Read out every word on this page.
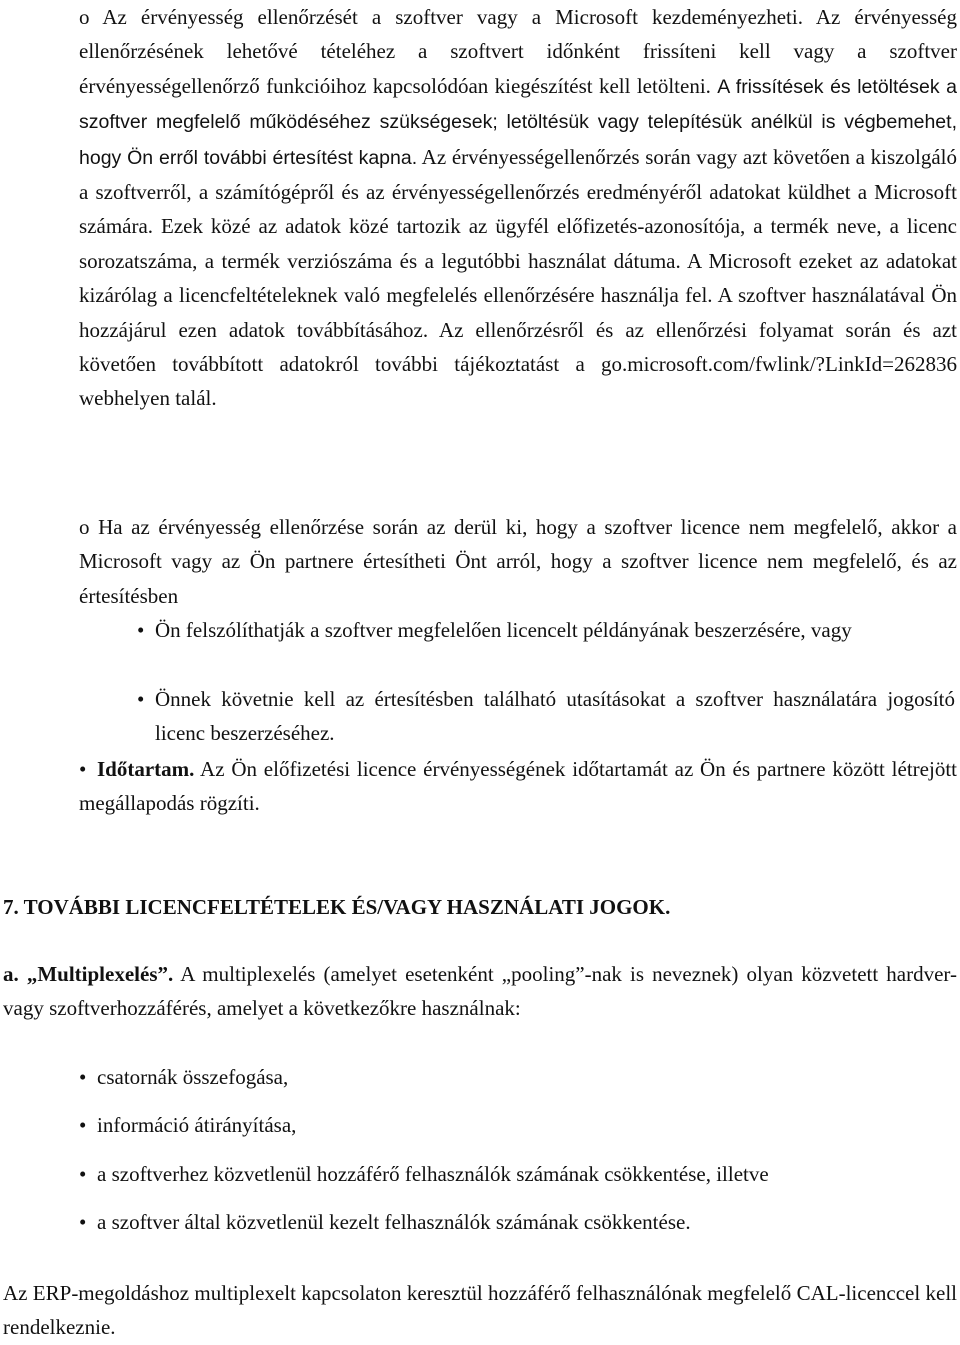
o Az érvényesség ellenőrzését a szoftver vagy a Microsoft kezdeményezheti. Az érvényesség ellenőrzésének lehetővé tételéhez a szoftvert időnként frissíteni kell vagy a szoftver érvényességellenőrző funkcióihoz kapcsolódóan kiegészítést kell letölteni. A frissítések és letöltések a szoftver megfelelő működéséhez szükségesek; letöltésük vagy telepítésük anélkül is végbemehet, hogy Ön erről további értesítést kapna. Az érvényességellenőrzés során vagy azt követően a kiszolgáló a szoftverről, a számítógépről és az érvényességellenőrzés eredményéről adatokat küldhet a Microsoft számára. Ezek közé az adatok közé tartozik az ügyfél előfizetés-azonosítója, a termék neve, a licenc sorozatszáma, a termék verziószáma és a legutóbbi használat dátuma. A Microsoft ezeket az adatokat kizárólag a licencfeltételeknek való megfelelés ellenőrzésére használja fel. A szoftver használatával Ön hozzájárul ezen adatok továbbításához. Az ellenőrzésről és az ellenőrzési folyamat során és azt követően továbbított adatokról további tájékoztatást a go.microsoft.com/fwlink/?LinkId=262836 webhelyen talál.

o Ha az érvényesség ellenőrzése során az derül ki, hogy a szoftver licence nem megfelelő, akkor a Microsoft vagy az Ön partnere értesítheti Önt arról, hogy a szoftver licence nem megfelelő, és az értesítésben

• Ön felszólíthatják a szoftver megfelelően licencelt példányának beszerzésére, vagy

• Önnek követnie kell az értesítésben található utasításokat a szoftver használatára jogosító licenc beszerzéséhez.

• Időtartam. Az Ön előfizetési licence érvényességének időtartamát az Ön és partnere között létrejött megállapodás rögzíti.

7. TOVÁBBI LICENCFELTÉTELEK ÉS/VAGY HASZNÁLATI JOGOK.

a. „Multiplexelés”. A multiplexelés (amelyet esetenként „pooling”-nak is neveznek) olyan közvetett hardver- vagy szoftverhozzáférés, amelyet a következőkre használnak:

• csatornák összefogása,
• információ átirányítása,
• a szoftverhez közvetlenül hozzáférő felhasználók számának csökkentése, illetve
• a szoftver által közvetlenül kezelt felhasználók számának csökkentése.

Az ERP-megoldáshoz multiplexelt kapcsolaton keresztül hozzáférő felhasználónak megfelelő CAL-licenccel kell rendelkeznie.
